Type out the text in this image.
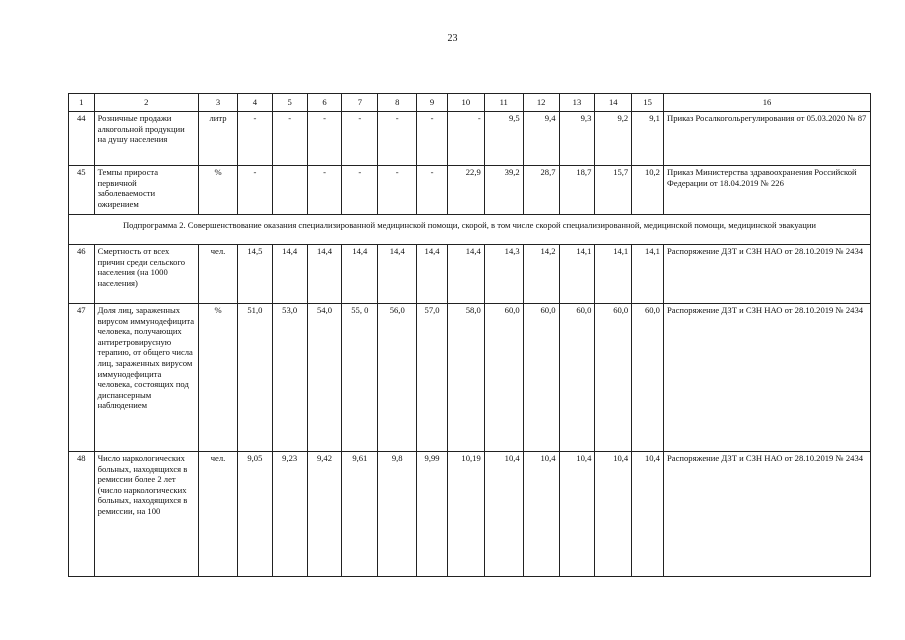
23
1	2	3	4	5	6	7	8	9	10	11	12	13	14	15	16
44	Розничные продажи алкогольной продукции на душу населения	литр	-	-	-	-	-	-	-	9,5	9,4	9,3	9,2	9,1	Приказ Росалкогольрегулирования от 05.03.2020 № 87
45	Темпы прироста первичной заболеваемости ожирением	%	-		-	-	-	-	22,9	39,2	28,7	18,7	15,7	10,2	Приказ Министерства здравоохранения Российской Федерации от 18.04.2019 № 226
Подпрограмма 2. Совершенствование оказания специализированной медицинской помощи, скорой, в том числе скорой специализированной, медицинской помощи, медицинской эвакуации															
46	Смертность от всех причин среди сельского населения (на 1000 населения)	чел.	14,5	14,4	14,4	14,4	14,4	14,4	14,4	14,3	14,2	14,1	14,1	14,1	Распоряжение ДЗТ и СЗН НАО от 28.10.2019 № 2434
47	Доля лиц, зараженных вирусом иммунодефицита человека, получающих антиретровирусную терапию, от общего числа лиц, зараженных вирусом иммунодефицита человека, состоящих под диспансерным наблюдением	%	51,0	53,0	54,0	55, 0	56,0	57,0	58,0	60,0	60,0	60,0	60,0	60,0	Распоряжение ДЗТ и СЗН НАО от 28.10.2019 № 2434
48	Число наркологических больных, находящихся в ремиссии более 2 лет (число наркологических больных, находящихся в ремиссии, на 100	чел.	9,05	9,23	9,42	9,61	9,8	9,99	10,19	10,4	10,4	10,4	10,4	10,4	Распоряжение ДЗТ и СЗН НАО от 28.10.2019 № 2434
